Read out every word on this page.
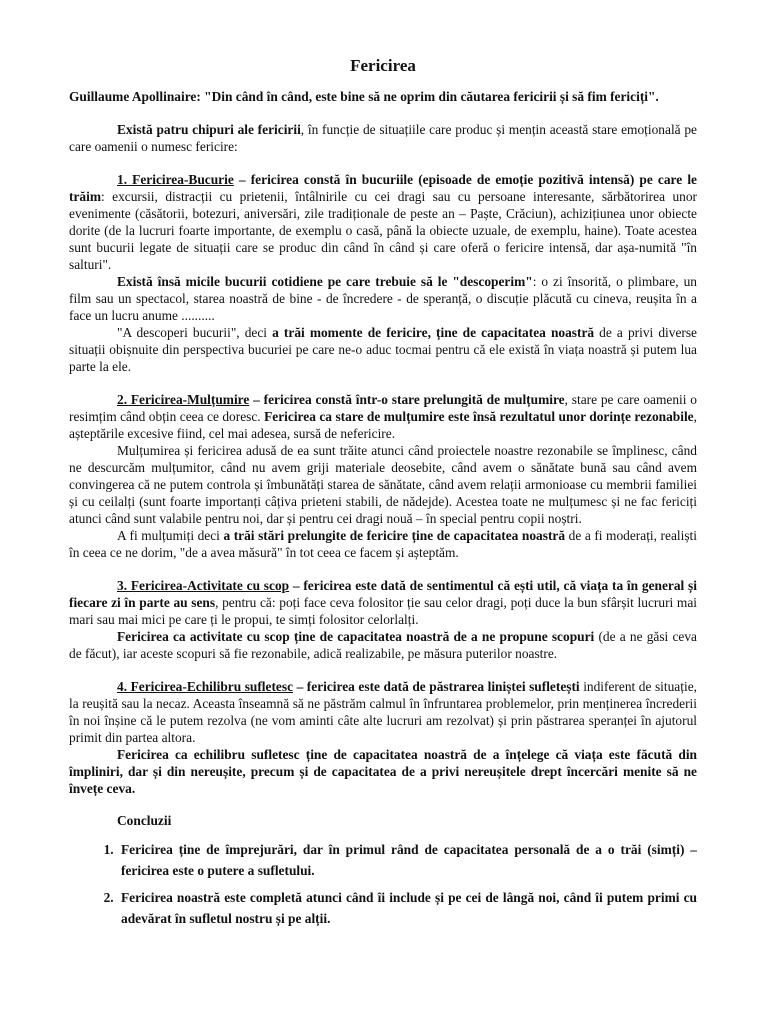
Fericirea

Guillaume Apollinaire: "Din când în când, este bine să ne oprim din căutarea fericirii și să fim fericiți".

Există patru chipuri ale fericirii, în funcție de situațiile care produc și mențin această stare emoțională pe care oamenii o numesc fericire:

1. Fericirea-Bucurie – fericirea constă în bucuriile (episoade de emoție pozitivă intensă) pe care le trăim: excursii, distracții cu prietenii, întâlnirile cu cei dragi sau cu persoane interesante, sărbătorirea unor evenimente (căsătorii, botezuri, aniversări, zile tradiționale de peste an – Paște, Crăciun), achizițiunea unor obiecte dorite (de la lucruri foarte importante, de exemplu o casă, până la obiecte uzuale, de exemplu, haine). Toate acestea sunt bucurii legate de situații care se produc din când în când și care oferă o fericire intensă, dar așa-numită "în salturi".

Există însă micile bucurii cotidiene pe care trebuie să le "descoperim": o zi însorită, o plimbare, un film sau un spectacol, starea noastră de bine - de încredere - de speranță, o discuție plăcută cu cineva, reușita în a face un lucru anume ..........

"A descoperi bucurii", deci a trăi momente de fericire, ține de capacitatea noastră de a privi diverse situații obișnuite din perspectiva bucuriei pe care ne-o aduc tocmai pentru că ele există în viața noastră și putem lua parte la ele.

2. Fericirea-Mulțumire – fericirea constă într-o stare prelungită de mulțumire, stare pe care oamenii o resimțim când obțin ceea ce doresc. Fericirea ca stare de mulțumire este însă rezultatul unor dorințe rezonabile, așteptările excesive fiind, cel mai adesea, sursă de nefericire.

Mulțumirea și fericirea adusă de ea sunt trăite atunci când proiectele noastre rezonabile se împlinesc, când ne descurcăm mulțumitor, când nu avem griji materiale deosebite, când avem o sănătate bună sau când avem convingerea că ne putem controla și îmbunătăți starea de sănătate, când avem relații armonioase cu membrii familiei și cu ceilalți (sunt foarte importanți câțiva prieteni stabili, de nădejde). Acestea toate ne mulțumesc și ne fac fericiți atunci când sunt valabile pentru noi, dar și pentru cei dragi nouă – în special pentru copii noștri.

A fi mulțumiți deci a trăi stări prelungite de fericire ține de capacitatea noastră de a fi moderați, realiști în ceea ce ne dorim, "de a avea măsură" în tot ceea ce facem și așteptăm.

3. Fericirea-Activitate cu scop – fericirea este dată de sentimentul că ești util, că viața ta în general și fiecare zi în parte au sens, pentru că: poți face ceva folositor ție sau celor dragi, poți duce la bun sfârșit lucruri mai mari sau mai mici pe care ți le propui, te simți folositor celorlalți.

Fericirea ca activitate cu scop ține de capacitatea noastră de a ne propune scopuri (de a ne găsi ceva de făcut), iar aceste scopuri să fie rezonabile, adică realizabile, pe măsura puterilor noastre.

4. Fericirea-Echilibru sufletesc – fericirea este dată de păstrarea liniștei sufletești indiferent de situație, la reușită sau la necaz. Aceasta înseamnă să ne păstrăm calmul în înfruntarea problemelor, prin menținerea încrederii în noi înșine că le putem rezolva (ne vom aminti câte alte lucruri am rezolvat) și prin păstrarea speranței în ajutorul primit din partea altora.

Fericirea ca echilibru sufletesc ține de capacitatea noastră de a înțelege că viața este făcută din împliniri, dar și din nereușite, precum și de capacitatea de a privi nereușitele drept încercări menite să ne învețe ceva.

Concluzii
1. Fericirea ține de împrejurări, dar în primul rând de capacitatea personală de a o trăi (simți) – fericirea este o putere a sufletului.
2. Fericirea noastră este completă atunci când îi include și pe cei de lângă noi, când îi putem primi cu adevărat în sufletul nostru și pe alții.
